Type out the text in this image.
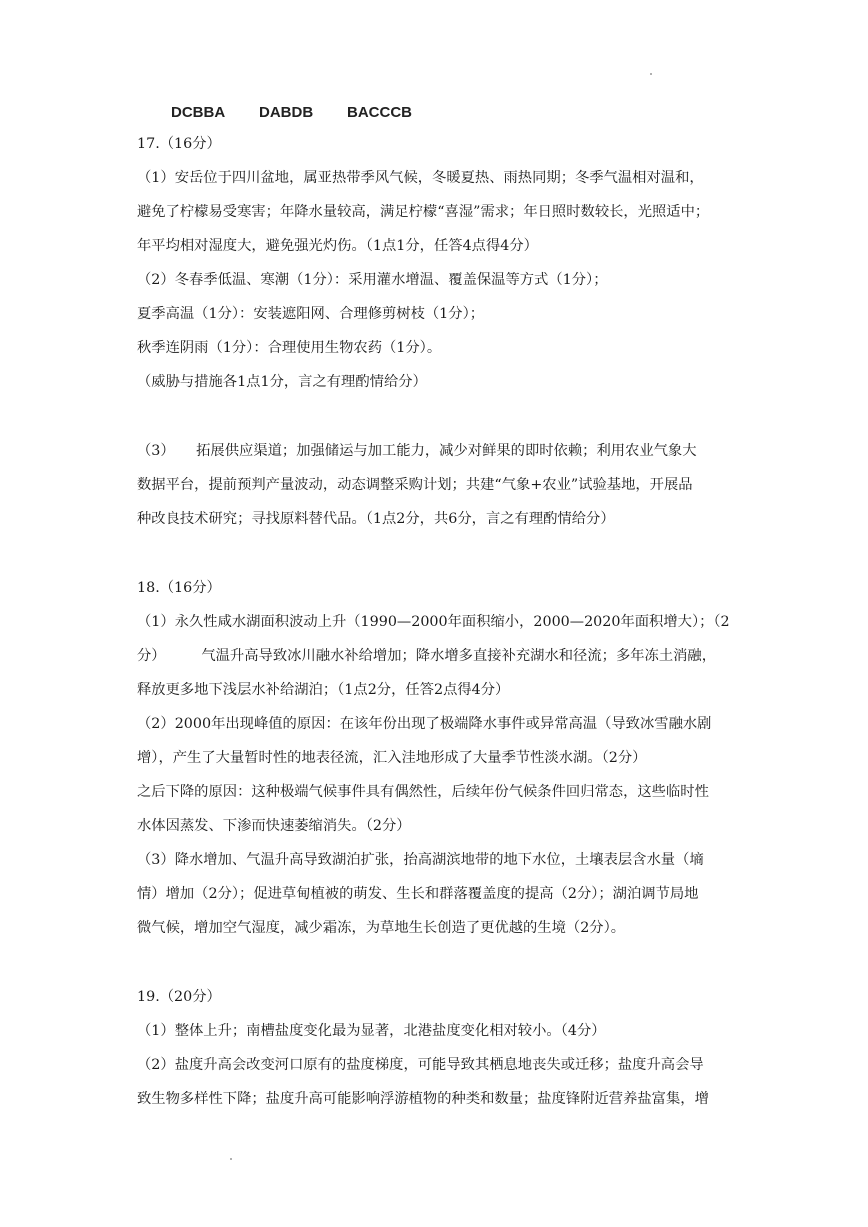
DCBBA DABDB BACCCB
17.（16分）
（1）安岳位于四川盆地，属亚热带季风气候，冬暖夏热、雨热同期；冬季气温相对温和，
避免了柠檬易受寒害；年降水量较高，满足柠檬“喜湿”需求；年日照时数较长，光照适中；
年平均相对湿度大，避免强光灼伤。（1点1分，任答4点得4分）
（2）冬春季低温、寒潮（1分）：采用灌水增温、覆盖保温等方式（1分）；
夏季高温（1分）：安装遮阳网、合理修剪树枝（1分）；
秋季连阴雨（1分）：合理使用生物农药（1分）。
（威胁与措施各1点1分，言之有理酌情给分）
（3）　　拓展供应渠道；加强储运与加工能力，减少对鲜果的即时依赖；利用农业气象大
数据平台，提前预判产量波动，动态调整采购计划；共建“气象+农业”试验基地，开展品
种改良技术研究；寻找原料替代品。（1点2分，共6分，言之有理酌情给分）
18.（16分）
（1）永久性咸水湖面积波动上升（1990—2000年面积缩小，2000—2020年面积增大）；（2
分）　　　气温升高导致冰川融水补给增加；降水增多直接补充湖水和径流；多年冻土消融，
释放更多地下浅层水补给湖泊；（1点2分，任答2点得4分）
（2）2000年出现峰值的原因：在该年份出现了极端降水事件或异常高温（导致冰雪融水剧
增），产生了大量暂时性的地表径流，汇入洼地形成了大量季节性淡水湖。（2分）
之后下降的原因：这种极端气候事件具有偶然性，后续年份气候条件回归常态，这些临时性
水体因蒸发、下渗而快速萎缩消失。（2分）
（3）降水增加、气温升高导致湖泊扩张，抬高湖滨地带的地下水位，土壤表层含水量（墒
情）增加（2分）；促进草甸植被的萌发、生长和群落覆盖度的提高（2分）；湖泊调节局地
微气候，增加空气湿度，减少霜冻，为草地生长创造了更优越的生境（2分）。
19.（20分）
（1）整体上升；南槽盐度变化最为显著，北港盐度变化相对较小。（4分）
（2）盐度升高会改变河口原有的盐度梯度，可能导致其栖息地丧失或迁移；盐度升高会导
致生物多样性下降；盐度升高可能影响浮游植物的种类和数量；盐度锋附近营养盐富集，增
